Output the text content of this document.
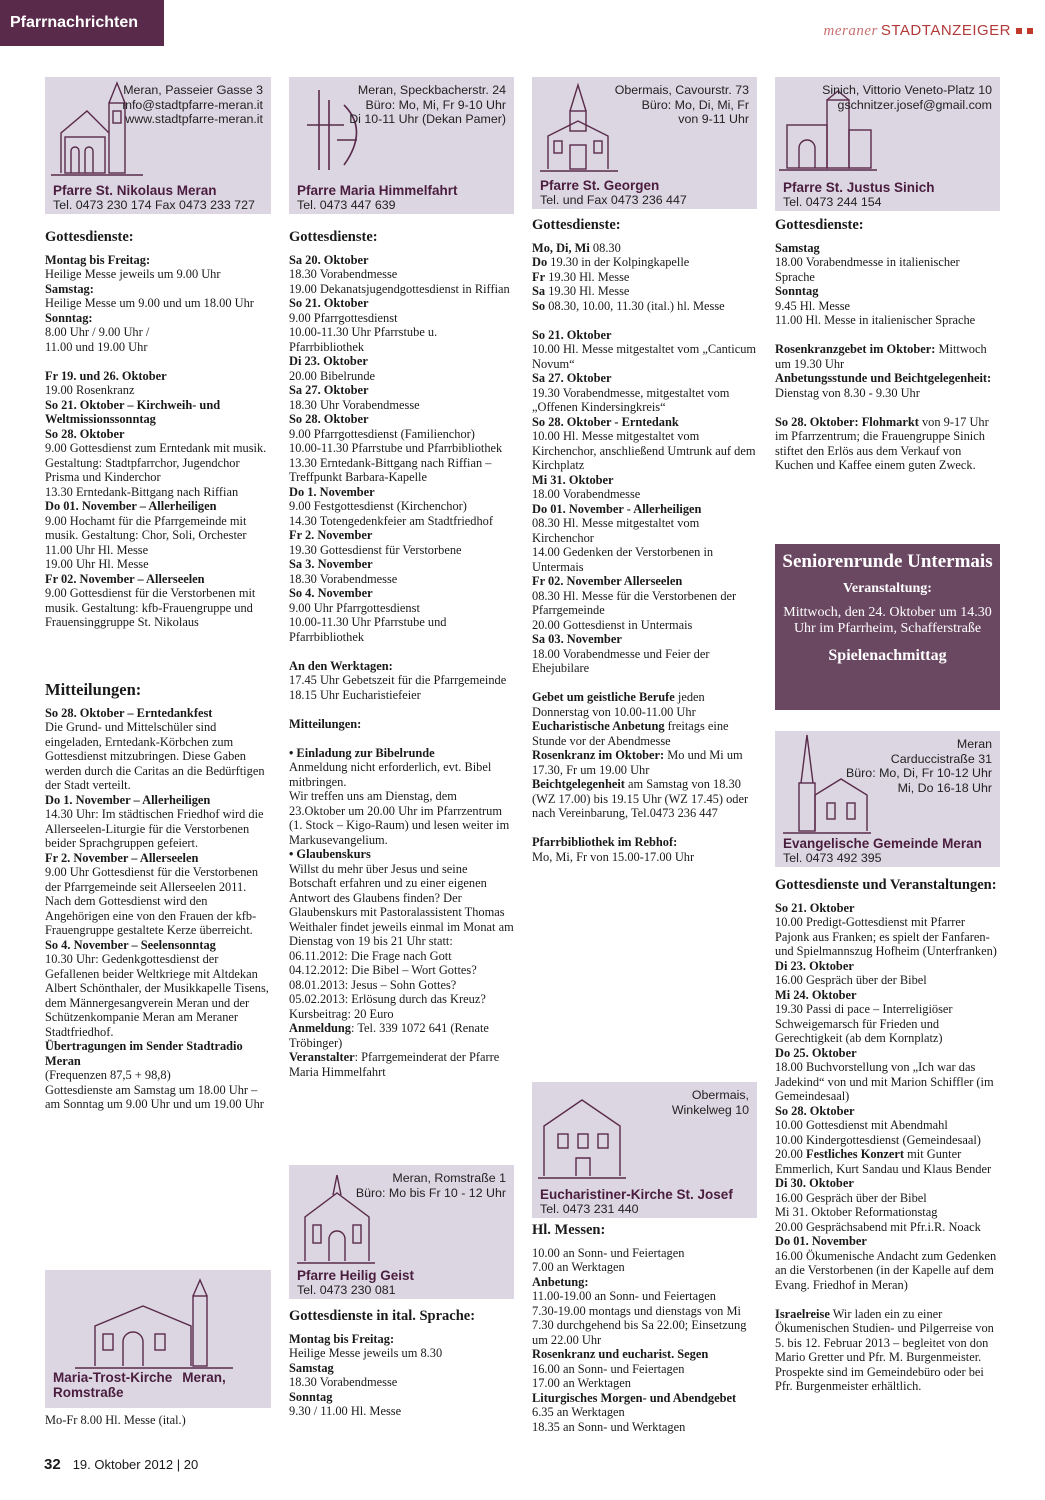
Pfarrnachrichten	meraner STADTANZEIGER
Meran, Passeier Gasse 3
info@stadtpfarre-meran.it
www.stadtpfarre-meran.it
Pfarre St. Nikolaus Meran
Tel. 0473 230 174 Fax 0473 233 727
Meran, Speckbacherstr. 24
Büro: Mo, Mi, Fr 9-10 Uhr
Di 10-11 Uhr (Dekan Pamer)
Pfarre Maria Himmelfahrt
Tel. 0473 447 639
Obermais, Cavourstr. 73
Büro: Mo, Di, Mi, Fr
von 9-11 Uhr
Pfarre St. Georgen
Tel. und Fax 0473 236 447
Sinich, Vittorio Veneto-Platz 10
gschnitzer.josef@gmail.com
Pfarre St. Justus Sinich
Tel. 0473 244 154
Meran
Carduccistraße 31
Büro: Mo, Di, Fr 10-12 Uhr
Mi, Do 16-18 Uhr
Evangelische Gemeinde Meran
Tel. 0473 492 395
Meran, Romstraße 1
Büro: Mo bis Fr 10 - 12 Uhr
Pfarre Heilig Geist
Tel. 0473 230 081
Obermais,
Winkelweg 10
Eucharistiner-Kirche St. Josef
Tel. 0473 231 440
Maria-Trost-Kirche Meran, Romstraße

Gottesdienste:

Montag bis Freitag:

Heilige Messe jeweils um 9.00 Uhr

Samstag:

Heilige Messe um 9.00 und um 18.00 Uhr

Sonntag:

8.00 Uhr / 9.00 Uhr /

11.00 und 19.00 Uhr

Fr 19. und 26. Oktober

19.00 Rosenkranz

So 21. Oktober – Kirchweih- und Weltmissionssonntag

So 28. Oktober

9.00 Gottesdienst zum Erntedank mit musik. Gestaltung: Stadtpfarrchor, Jugendchor Prisma und Kinderchor

13.30 Erntedank-Bittgang nach Riffian

Do 01. November – Allerheiligen

9.00 Hochamt für die Pfarrgemeinde mit musik. Gestaltung: Chor, Soli, Orchester

11.00 Uhr Hl. Messe

19.00 Uhr Hl. Messe

Fr 02. November – Allerseelen

9.00 Gottesdienst für die Verstorbenen mit musik. Gestaltung: kfb-Frauengruppe und Frauensinggruppe St. Nikolaus

Mitteilungen:

So 28. Oktober – Erntedankfest

Die Grund- und Mittelschüler sind eingeladen, Erntedank-Körbchen zum Gottesdienst mitzubringen. Diese Gaben werden durch die Caritas an die Bedürftigen der Stadt verteilt.

Do 1. November – Allerheiligen

14.30 Uhr: Im städtischen Friedhof wird die Allerseelen-Liturgie für die Verstorbenen beider Sprachgruppen gefeiert.

Fr 2. November – Allerseelen

9.00 Uhr Gottesdienst für die Verstorbenen der Pfarrgemeinde seit Allerseelen 2011. Nach dem Gottesdienst wird den Angehörigen eine von den Frauen der kfb-Frauengruppe gestaltete Kerze überreicht.

So 4. November – Seelensonntag

10.30 Uhr: Gedenkgottesdienst der Gefallenen beider Weltkriege mit Altdekan Albert Schönthaler, der Musikkapelle Tisens, dem Männergesangverein Meran und der Schützenkompanie Meran am Meraner Stadtfriedhof.

Übertragungen im Sender Stadtradio Meran

(Frequenzen 87,5 + 98,8)

Gottesdienste am Samstag um 18.00 Uhr – am Sonntag um 9.00 Uhr und um 19.00 Uhr

Mo-Fr 8.00 Hl. Messe (ital.)

Gottesdienste:

Sa 20. Oktober

18.30 Vorabendmesse

19.00 Dekanatsjugendgottesdienst in Riffian

So 21. Oktober

9.00 Pfarrgottesdienst

10.00-11.30 Uhr Pfarrstube u. Pfarrbibliothek

Di 23. Oktober

20.00 Bibelrunde

Sa 27. Oktober

18.30 Uhr Vorabendmesse

So 28. Oktober

9.00 Pfarrgottesdienst (Familienchor)

10.00-11.30 Pfarrstube und Pfarrbibliothek

13.30 Erntedank-Bittgang nach Riffian – Treffpunkt Barbara-Kapelle

Do 1. November

9.00 Festgottesdienst (Kirchenchor)

14.30 Totengedenkfeier am Stadtfriedhof

Fr 2. November

19.30 Gottesdienst für Verstorbene

Sa 3. November

18.30 Vorabendmesse

So 4. November

9.00 Uhr Pfarrgottesdienst

10.00-11.30 Uhr Pfarrstube und Pfarrbibliothek

An den Werktagen:

17.45 Uhr Gebetszeit für die Pfarrgemeinde

18.15 Uhr Eucharistiefeier

Mitteilungen:

• Einladung zur Bibelrunde

Anmeldung nicht erforderlich, evt. Bibel mitbringen.

Wir treffen uns am Dienstag, dem 23.Oktober um 20.00 Uhr im Pfarrzentrum (1. Stock – Kigo-Raum) und lesen weiter im Markusevangelium.

• Glaubenskurs

Willst du mehr über Jesus und seine Botschaft erfahren und zu einer eigenen Antwort des Glaubens finden? Der Glaubenskurs mit Pastoralassistent Thomas Weithaler findet jeweils einmal im Monat am Dienstag von 19 bis 21 Uhr statt:

06.11.2012: Die Frage nach Gott

04.12.2012: Die Bibel – Wort Gottes?

08.01.2013: Jesus – Sohn Gottes?

05.02.2013: Erlösung durch das Kreuz?

Kursbeitrag: 20 Euro

Anmeldung: Tel. 339 1072 641 (Renate Tröbinger)

Veranstalter: Pfarrgemeinderat der Pfarre Maria Himmelfahrt

Gottesdienste in ital. Sprache:

Montag bis Freitag:

Heilige Messe jeweils um 8.30

Samstag

18.30 Vorabendmesse

Sonntag

9.30 / 11.00 Hl. Messe

Gottesdienste:

Mo, Di, Mi 08.30

Do 19.30 in der Kolpingkapelle

Fr 19.30 Hl. Messe

Sa 19.30 Hl. Messe

So 08.30, 10.00, 11.30 (ital.) hl. Messe

So 21. Oktober

10.00 Hl. Messe mitgestaltet vom „Canticum Novum“

Sa 27. Oktober

19.30 Vorabendmesse, mitgestaltet vom „Offenen Kindersingkreis“

So 28. Oktober - Erntedank

10.00 Hl. Messe mitgestaltet vom Kirchenchor, anschließend Umtrunk auf dem Kirchplatz

Mi 31. Oktober

18.00 Vorabendmesse

Do 01. November - Allerheiligen

08.30 Hl. Messe mitgestaltet vom Kirchenchor

14.00 Gedenken der Verstorbenen in Untermais

Fr 02. November Allerseelen

08.30 Hl. Messe für die Verstorbenen der Pfarrgemeinde

20.00 Gottesdienst in Untermais

Sa 03. November

18.00 Vorabendmesse und Feier der Ehejubilare

Gebet um geistliche Berufe jeden Donnerstag von 10.00-11.00 Uhr

Eucharistische Anbetung freitags eine Stunde vor der Abendmesse

Rosenkranz im Oktober: Mo und Mi um 17.30, Fr um 19.00 Uhr

Beichtgelegenheit am Samstag von 18.30 (WZ 17.00) bis 19.15 Uhr (WZ 17.45) oder nach Vereinbarung, Tel.0473 236 447

Pfarrbibliothek im Rebhof:

Mo, Mi, Fr von 15.00-17.00 Uhr

Hl. Messen:

10.00 an Sonn- und Feiertagen

7.00 an Werktagen

Anbetung:

11.00-19.00 an Sonn- und Feiertagen

7.30-19.00 montags und dienstags von Mi 7.30 durchgehend bis Sa 22.00; Einsetzung um 22.00 Uhr

Rosenkranz und eucharist. Segen

16.00 an Sonn- und Feiertagen

17.00 an Werktagen

Liturgisches Morgen- und Abendgebet

6.35 an Werktagen

18.35 an Sonn- und Werktagen

Gottesdienste:

Samstag

18.00 Vorabendmesse in italienischer Sprache

Sonntag

9.45 Hl. Messe

11.00 Hl. Messe in italienischer Sprache

Rosenkranzgebet im Oktober: Mittwoch um 19.30 Uhr

Anbetungsstunde und Beichtgelegenheit:

Dienstag von 8.30 - 9.30 Uhr

So 28. Oktober: Flohmarkt von 9-17 Uhr im Pfarrzentrum; die Frauengruppe Sinich stiftet den Erlös aus dem Verkauf von Kuchen und Kaffee einem guten Zweck.

Gottesdienste und Veranstaltungen:

So 21. Oktober

10.00 Predigt-Gottesdienst mit Pfarrer Pajonk aus Franken; es spielt der Fanfaren- und Spielmannszug Hofheim (Unterfranken)

Di 23. Oktober

16.00 Gespräch über der Bibel

Mi 24. Oktober

19.30 Passi di pace – Interreligiöser Schweigemarsch für Frieden und Gerechtigkeit (ab dem Kornplatz)

Do 25. Oktober

18.00 Buchvorstellung von „Ich war das Jadekind“ von und mit Marion Schiffler (im Gemeindesaal)

So 28. Oktober

10.00 Gottesdienst mit Abendmahl

10.00 Kindergottesdienst (Gemeindesaal)

20.00 Festliches Konzert mit Gunter Emmerlich, Kurt Sandau und Klaus Bender

Di 30. Oktober

16.00 Gespräch über der Bibel

Mi 31. Oktober Reformationstag

20.00 Gesprächsabend mit Pfr.i.R. Noack

Do 01. November

16.00 Ökumenische Andacht zum Gedenken an die Verstorbenen (in der Kapelle auf dem Evang. Friedhof in Meran)

Israelreise Wir laden ein zu einer Ökumenischen Studien- und Pilgerreise von 5. bis 12. Februar 2013 – begleitet von don Mario Gretter und Pfr. M. Burgenmeister. Prospekte sind im Gemeindebüro oder bei Pfr. Burgenmeister erhältlich.

Seniorenrunde Untermais
Veranstaltung:
Mittwoch, den 24. Oktober um 14.30 Uhr im Pfarrheim, Schafferstraße
Spielenachmittag
32 19. Oktober 2012 | 20
